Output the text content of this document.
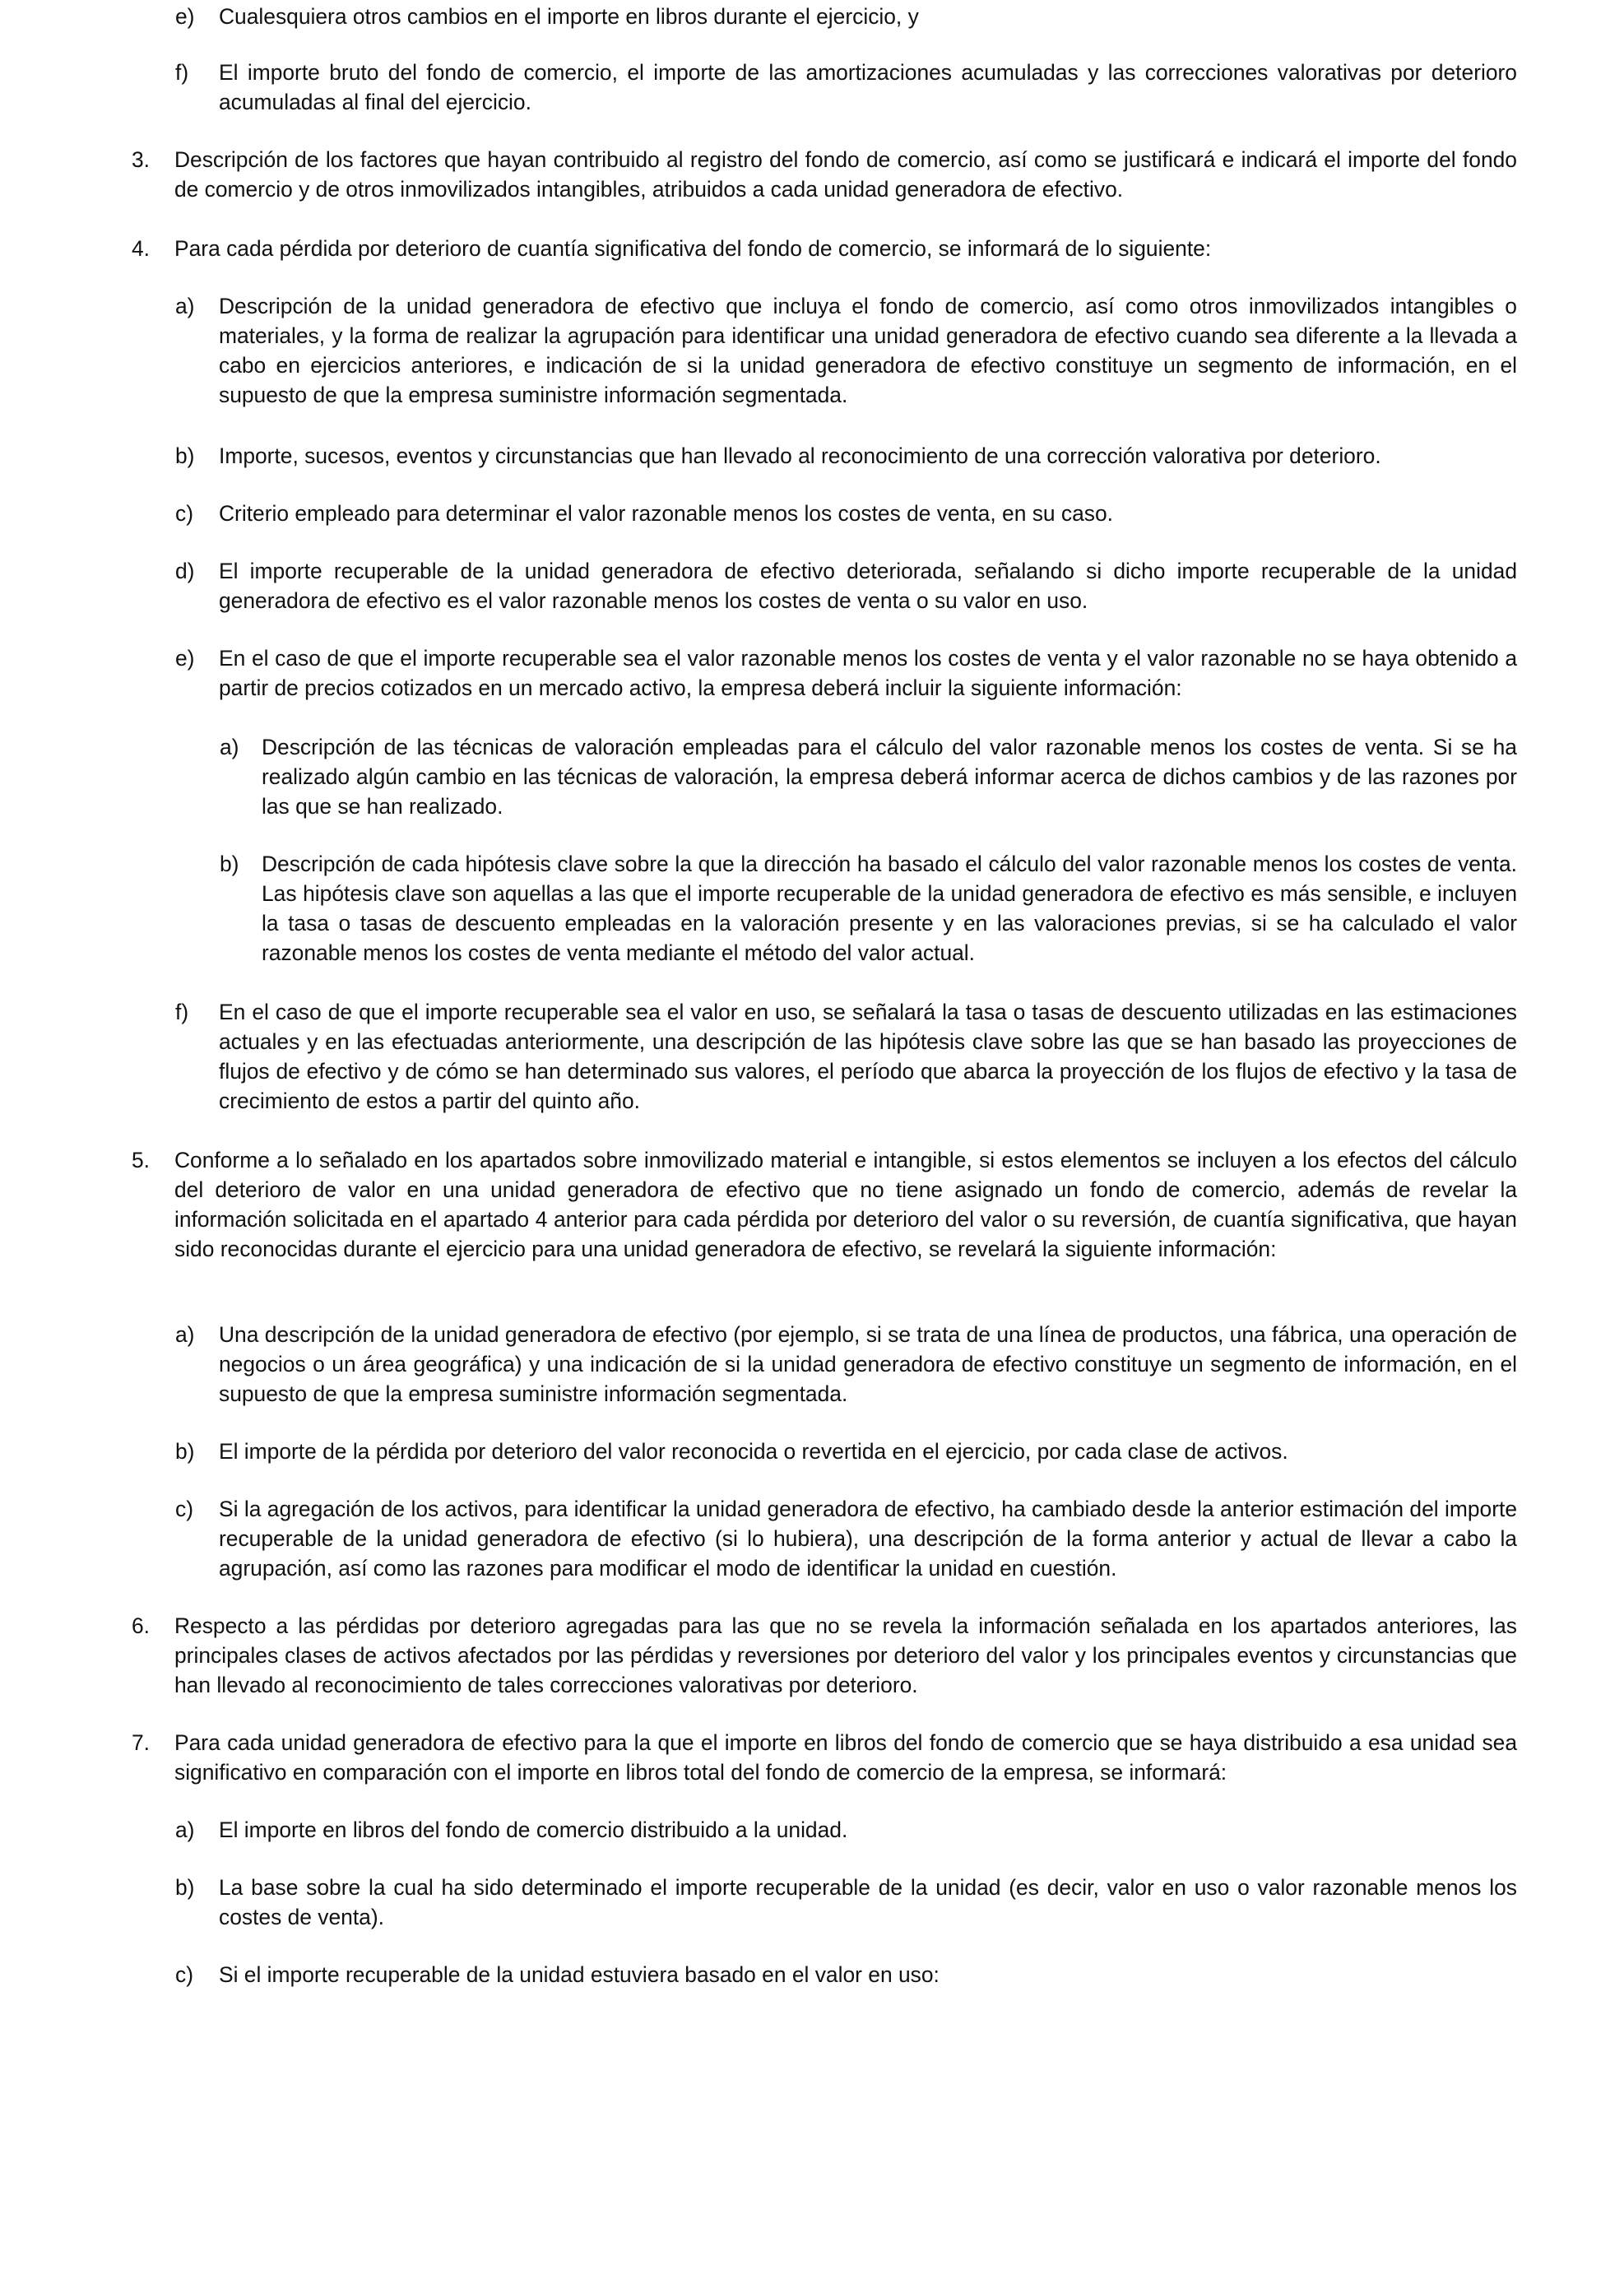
e) Cualesquiera otros cambios en el importe en libros durante el ejercicio, y
f) El importe bruto del fondo de comercio, el importe de las amortizaciones acumuladas y las correcciones valorativas por deterioro acumuladas al final del ejercicio.
3. Descripción de los factores que hayan contribuido al registro del fondo de comercio, así como se justificará e indicará el importe del fondo de comercio y de otros inmovilizados intangibles, atribuidos a cada unidad generadora de efectivo.
4. Para cada pérdida por deterioro de cuantía significativa del fondo de comercio, se informará de lo siguiente:
a) Descripción de la unidad generadora de efectivo que incluya el fondo de comercio, así como otros inmovilizados intangibles o materiales, y la forma de realizar la agrupación para identificar una unidad generadora de efectivo cuando sea diferente a la llevada a cabo en ejercicios anteriores, e indicación de si la unidad generadora de efectivo constituye un segmento de información, en el supuesto de que la empresa suministre información segmentada.
b) Importe, sucesos, eventos y circunstancias que han llevado al reconocimiento de una corrección valorativa por deterioro.
c) Criterio empleado para determinar el valor razonable menos los costes de venta, en su caso.
d) El importe recuperable de la unidad generadora de efectivo deteriorada, señalando si dicho importe recuperable de la unidad generadora de efectivo es el valor razonable menos los costes de venta o su valor en uso.
e) En el caso de que el importe recuperable sea el valor razonable menos los costes de venta y el valor razonable no se haya obtenido a partir de precios cotizados en un mercado activo, la empresa deberá incluir la siguiente información:
a) Descripción de las técnicas de valoración empleadas para el cálculo del valor razonable menos los costes de venta. Si se ha realizado algún cambio en las técnicas de valoración, la empresa deberá informar acerca de dichos cambios y de las razones por las que se han realizado.
b) Descripción de cada hipótesis clave sobre la que la dirección ha basado el cálculo del valor razonable menos los costes de venta. Las hipótesis clave son aquellas a las que el importe recuperable de la unidad generadora de efectivo es más sensible, e incluyen la tasa o tasas de descuento empleadas en la valoración presente y en las valoraciones previas, si se ha calculado el valor razonable menos los costes de venta mediante el método del valor actual.
f) En el caso de que el importe recuperable sea el valor en uso, se señalará la tasa o tasas de descuento utilizadas en las estimaciones actuales y en las efectuadas anteriormente, una descripción de las hipótesis clave sobre las que se han basado las proyecciones de flujos de efectivo y de cómo se han determinado sus valores, el período que abarca la proyección de los flujos de efectivo y la tasa de crecimiento de estos a partir del quinto año.
5. Conforme a lo señalado en los apartados sobre inmovilizado material e intangible, si estos elementos se incluyen a los efectos del cálculo del deterioro de valor en una unidad generadora de efectivo que no tiene asignado un fondo de comercio, además de revelar la información solicitada en el apartado 4 anterior para cada pérdida por deterioro del valor o su reversión, de cuantía significativa, que hayan sido reconocidas durante el ejercicio para una unidad generadora de efectivo, se revelará la siguiente información:
a) Una descripción de la unidad generadora de efectivo (por ejemplo, si se trata de una línea de productos, una fábrica, una operación de negocios o un área geográfica) y una indicación de si la unidad generadora de efectivo constituye un segmento de información, en el supuesto de que la empresa suministre información segmentada.
b) El importe de la pérdida por deterioro del valor reconocida o revertida en el ejercicio, por cada clase de activos.
c) Si la agregación de los activos, para identificar la unidad generadora de efectivo, ha cambiado desde la anterior estimación del importe recuperable de la unidad generadora de efectivo (si lo hubiera), una descripción de la forma anterior y actual de llevar a cabo la agrupación, así como las razones para modificar el modo de identificar la unidad en cuestión.
6. Respecto a las pérdidas por deterioro agregadas para las que no se revela la información señalada en los apartados anteriores, las principales clases de activos afectados por las pérdidas y reversiones por deterioro del valor y los principales eventos y circunstancias que han llevado al reconocimiento de tales correcciones valorativas por deterioro.
7. Para cada unidad generadora de efectivo para la que el importe en libros del fondo de comercio que se haya distribuido a esa unidad sea significativo en comparación con el importe en libros total del fondo de comercio de la empresa, se informará:
a) El importe en libros del fondo de comercio distribuido a la unidad.
b) La base sobre la cual ha sido determinado el importe recuperable de la unidad (es decir, valor en uso o valor razonable menos los costes de venta).
c) Si el importe recuperable de la unidad estuviera basado en el valor en uso:
